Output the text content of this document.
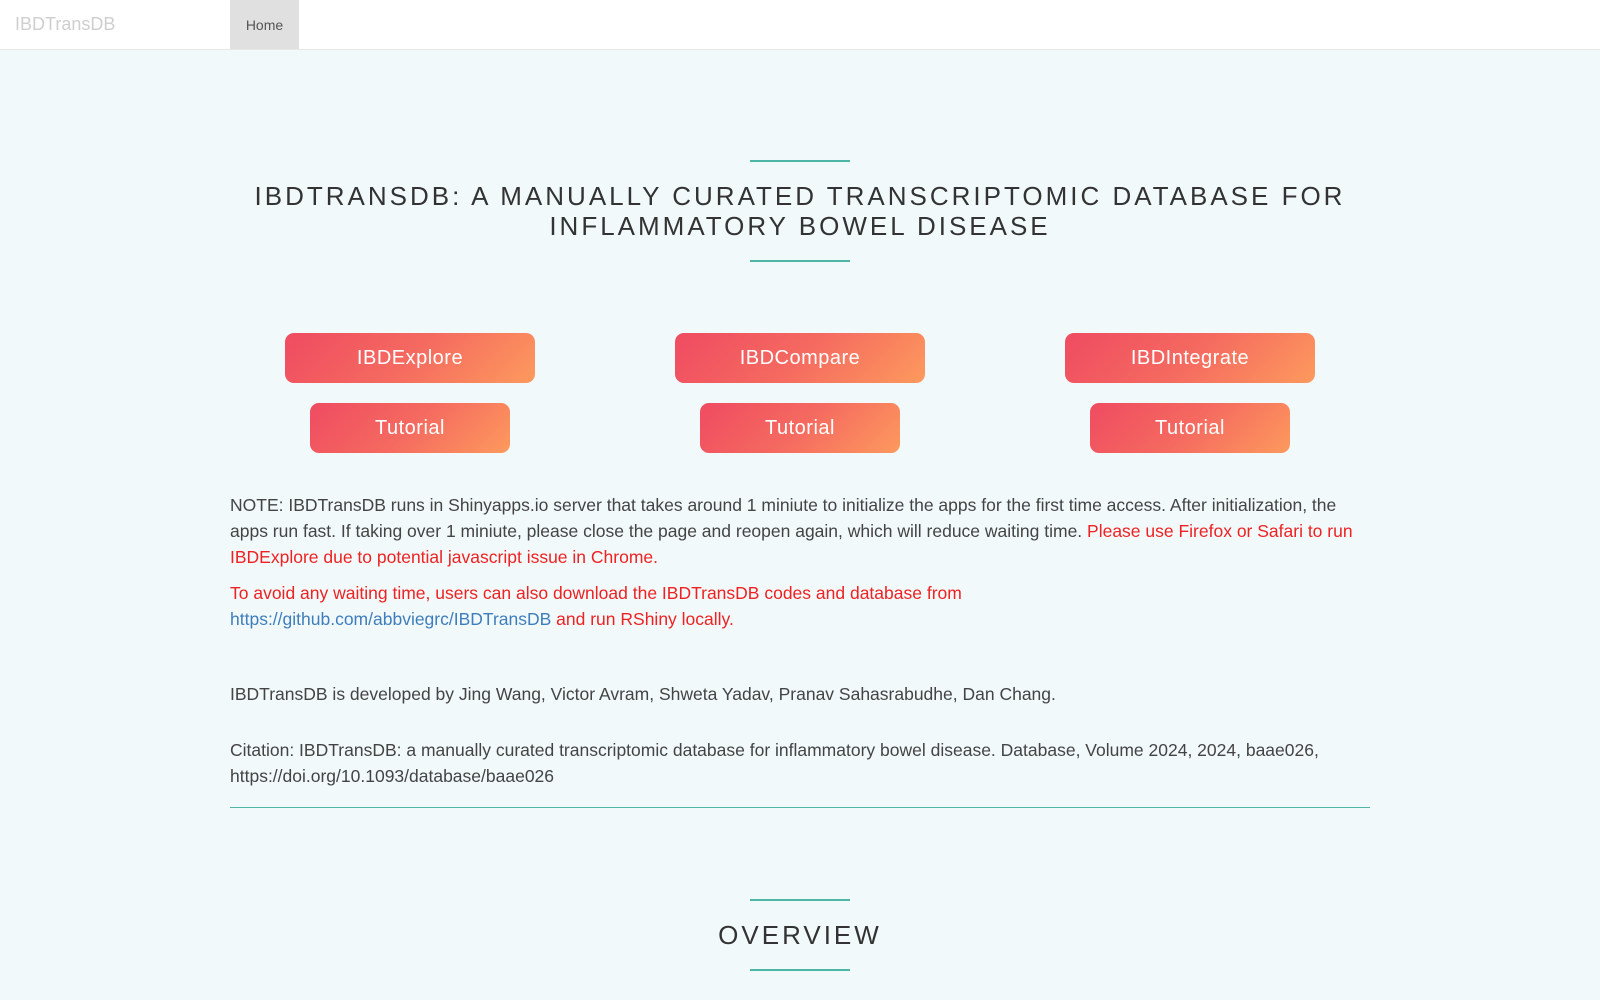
IBDTransDB	Home
IBDTRANSDB: A MANUALLY CURATED TRANSCRIPTOMIC DATABASE FOR
INFLAMMATORY BOWEL DISEASE
IBDExplore	IBDCompare	IBDIntegrate
Tutorial	Tutorial	Tutorial

NOTE: IBDTransDB runs in Shinyapps.io server that takes around 1 miniute to initialize the apps for the first time access. After initialization, the apps run fast. If taking over 1 miniute, please close the page and reopen again, which will reduce waiting time. Please use Firefox or Safari to run IBDExplore due to potential javascript issue in Chrome.

To avoid any waiting time, users can also download the IBDTransDB codes and database from
https://github.com/abbviegrc/IBDTransDB and run RShiny locally.

IBDTransDB is developed by Jing Wang, Victor Avram, Shweta Yadav, Pranav Sahasrabudhe, Dan Chang.

Citation: IBDTransDB: a manually curated transcriptomic database for inflammatory bowel disease. Database, Volume 2024, 2024, baae026, https://doi.org/10.1093/database/baae026

OVERVIEW
